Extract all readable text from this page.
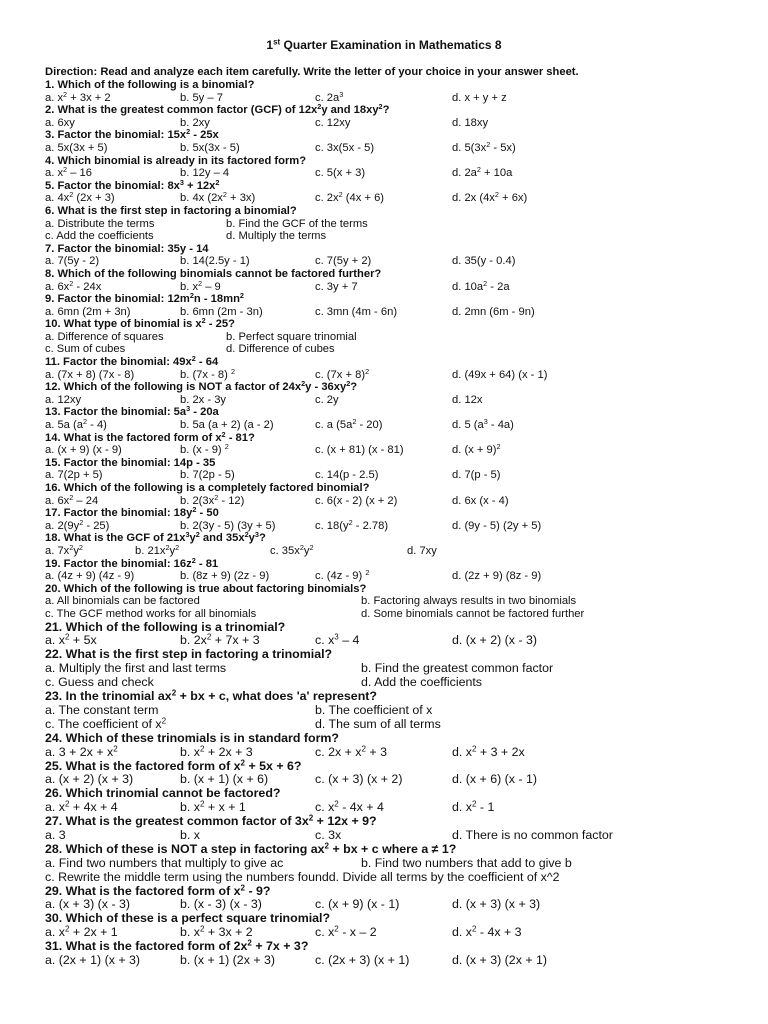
1st Quarter Examination in Mathematics 8
Direction: Read and analyze each item carefully. Write the letter of your choice in your answer sheet.
1. Which of the following is a binomial?
a. $x^2 + 3x + 2$	b. 5y – 7	c. $2a^3$	d. x + y + z
2. What is the greatest common factor (GCF) of $12x^2y$ and $18xy^2$?
a. 6xy	b. 2xy	c. 12xy	d. 18xy
3. Factor the binomial: $15x^2 - 25x$
a. 5x(3x + 5)	b. 5x(3x - 5)	c. 3x(5x - 5)	d. $5(3x^2 - 5x)$
4. Which binomial is already in its factored form?
a. $x^2 - 16$	b. 12y – 4	c. 5(x + 3)	d. $2a^2 + 10a$
5. Factor the binomial: $8x^3 + 12x^2$
a. $4x^2$ (2x + 3)	b. 4x $(2x^2 + 3x)$	c. $2x^2$ (4x + 6)	d. 2x $(4x^2 + 6x)$
6. What is the first step in factoring a binomial?
a. Distribute the terms	b. Find the GCF of the terms
c. Add the coefficients	d. Multiply the terms
7. Factor the binomial: 35y - 14
a. 7(5y - 2)	b. 14(2.5y - 1)	c. 7(5y + 2)	d. 35(y - 0.4)
8. Which of the following binomials cannot be factored further?
a. $6x^2 - 24x$	b. $x^2 - 9$	c. 3y + 7	d. $10a^2 - 2a$
9. Factor the binomial: $12m^2n - 18mn^2$
a. 6mn (2m + 3n)	b. 6mn (2m - 3n)	c. 3mn (4m - 6n)	d. 2mn (6m - 9n)
10. What type of binomial is $x^2 - 25$?
a. Difference of squares	b. Perfect square trinomial
c. Sum of cubes	d. Difference of cubes
11. Factor the binomial: $49x^2 - 64$
a. (7x + 8) (7x - 8)	b. (7x - 8) $^2$	c. $(7x + 8)^2$	d. (49x + 64) (x - 1)
12. Which of the following is NOT a factor of $24x^2y - 36xy^2$?
a. 12xy	b. 2x - 3y	c. 2y	d. 12x
13. Factor the binomial: $5a^3 - 20a$
a. 5a $(a^2 - 4)$	b. 5a (a + 2) (a - 2)	c. a $(5a^2 - 20)$	d. 5 $(a^3 - 4a)$
14. What is the factored form of $x^2 - 81$?
a. (x + 9) (x - 9)	b. (x - 9) $^2$	c. (x + 81) (x - 81)	d. $(x + 9)^2$
15. Factor the binomial: 14p - 35
a. 7(2p + 5)	b. 7(2p - 5)	c. 14(p - 2.5)	d. 7(p - 5)
16. Which of the following is a completely factored binomial?
a. $6x^2 - 24$	b. $2(3x^2 - 12)$	c. 6(x - 2) (x + 2)	d. 6x (x - 4)
17. Factor the binomial: $18y^2 - 50$
a. $2(9y^2 - 25)$	b. 2(3y - 5) (3y + 5)	c. $18(y^2 - 2.78)$	d. (9y - 5) (2y + 5)
18. What is the GCF of $21x^3y^2$ and $35x^2y^3$?
a. $7x^2y^2$	b. $21x^2y^2$	c. $35x^2y^2$	d. 7xy
19. Factor the binomial: $16z^2 - 81$
a. (4z + 9) (4z - 9)	b. (8z + 9) (2z - 9)	c. (4z - 9) $^2$	d. (2z + 9) (8z - 9)
20. Which of the following is true about factoring binomials?
a. All binomials can be factored	b. Factoring always results in two binomials
c. The GCF method works for all binomials	d. Some binomials cannot be factored further
21. Which of the following is a trinomial?
a. $x^2 + 5x$	b. $2x^2 + 7x + 3$	c. $x^3 - 4$	d. (x + 2) (x - 3)
22. What is the first step in factoring a trinomial?
a. Multiply the first and last terms	b. Find the greatest common factor
c. Guess and check	d. Add the coefficients
23. In the trinomial $ax^2$ + bx + c, what does 'a' represent?
a. The constant term	b. The coefficient of x
c. The coefficient of $x^2$	d. The sum of all terms
24. Which of these trinomials is in standard form?
a. $3 + 2x + x^2$	b. $x^2 + 2x + 3$	c. $2x + x^2 + 3$	d. $x^2 + 3 + 2x$
25. What is the factored form of $x^2 + 5x + 6$?
a. (x + 2) (x + 3)	b. (x + 1) (x + 6)	c. (x + 3) (x + 2)	d. (x + 6) (x - 1)
26. Which trinomial cannot be factored?
a. $x^2 + 4x + 4$	b. $x^2 + x + 1$	c. $x^2 - 4x + 4$	d. $x^2 - 1$
27. What is the greatest common factor of $3x^2 + 12x + 9$?
a. 3	b. x	c. 3x	d. There is no common factor
28. Which of these is NOT a step in factoring $ax^2$ + bx + c where a ≠ 1?
a. Find two numbers that multiply to give ac	b. Find two numbers that add to give b
c. Rewrite the middle term using the numbers foundd. Divide all terms by the coefficient of x^2
29. What is the factored form of $x^2 - 9$?
a. (x + 3) (x - 3)	b. (x - 3) (x - 3)	c. (x + 9) (x - 1)	d. (x + 3) (x + 3)
30. Which of these is a perfect square trinomial?
a. $x^2 + 2x + 1$	b. $x^2 + 3x + 2$	c. $x^2$ - x – 2	d. $x^2 - 4x + 3$
31. What is the factored form of $2x^2 + 7x + 3$?
a. (2x + 1) (x + 3)	b. (x + 1) (2x + 3)	c. (2x + 3) (x + 1)	d. (x + 3) (2x + 1)
